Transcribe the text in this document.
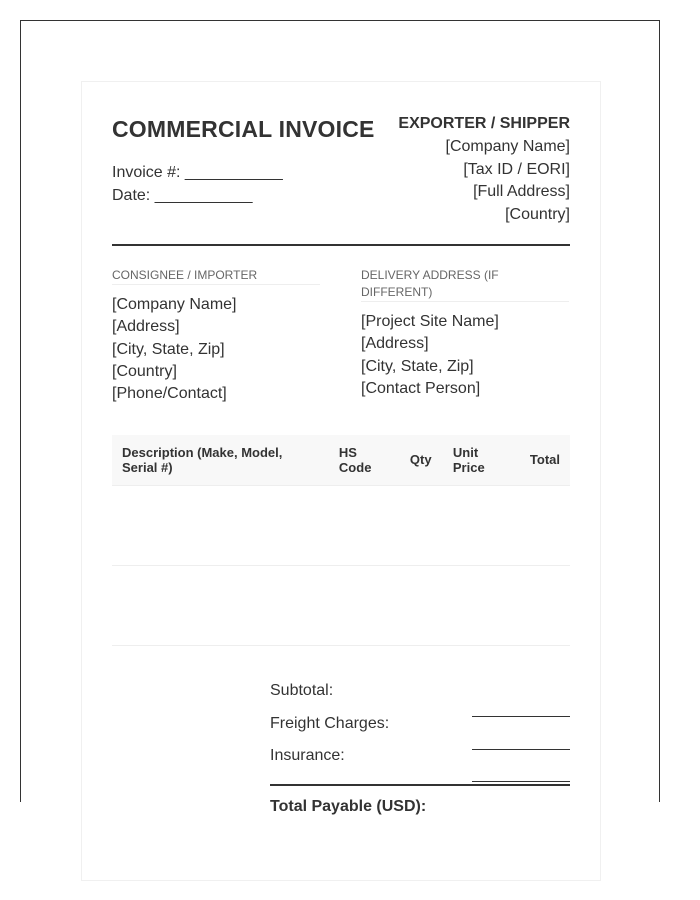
COMMERCIAL INVOICE
Invoice #: ___________
Date: ___________
EXPORTER / SHIPPER
[Company Name]
[Tax ID / EORI]
[Full Address]
[Country]
CONSIGNEE / IMPORTER
[Company Name]
[Address]
[City, State, Zip]
[Country]
[Phone/Contact]
DELIVERY ADDRESS (IF DIFFERENT)
[Project Site Name]
[Address]
[City, State, Zip]
[Contact Person]
Description (Make, Model, Serial #)	HS Code	Qty	Unit Price	Total

Subtotal:
Freight Charges:
Insurance:
Total Payable (USD):
